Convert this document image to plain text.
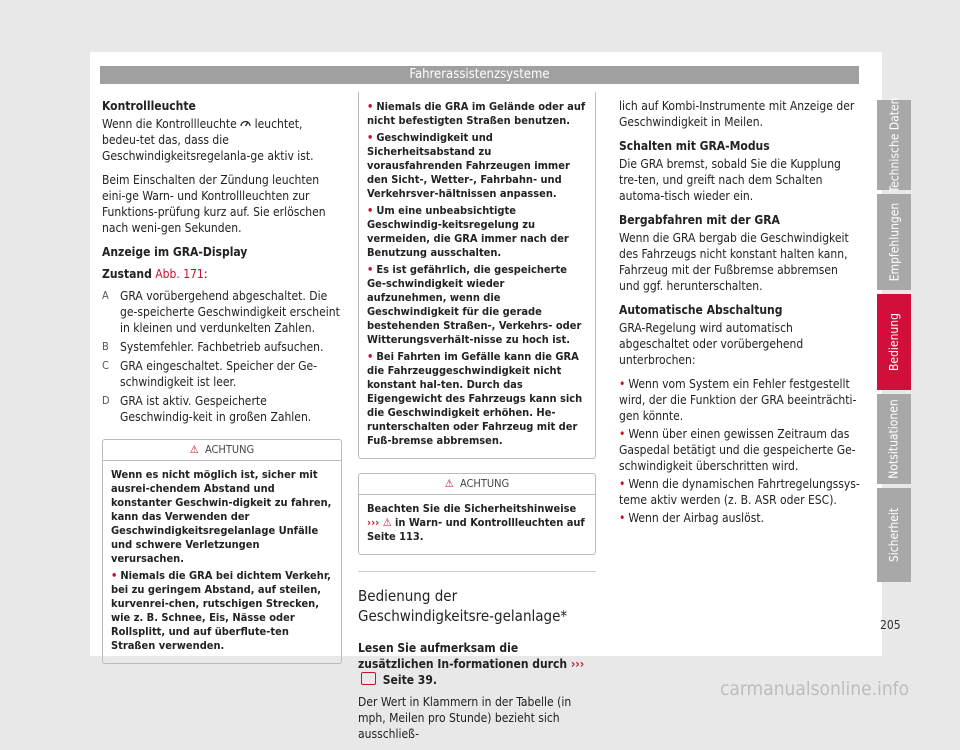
Fahrerassistenzsysteme

Kontrollleuchte

Wenn die Kontrollleuchte leuchtet, bedeu-tet das, dass die Geschwindigkeitsregelanla-ge aktiv ist.

Beim Einschalten der Zündung leuchten eini-ge Warn- und Kontrollleuchten zur Funktions-prüfung kurz auf. Sie erlöschen nach weni-gen Sekunden.

Anzeige im GRA-Display

Zustand Abb. 171:

A GRA vorübergehend abgeschaltet. Die ge-speicherte Geschwindigkeit erscheint in kleinen und verdunkelten Zahlen.
B Systemfehler. Fachbetrieb aufsuchen.
C GRA eingeschaltet. Speicher der Ge-schwindigkeit ist leer.
D GRA ist aktiv. Gespeicherte Geschwindig-keit in großen Zahlen.
⚠ ACHTUNG

Wenn es nicht möglich ist, sicher mit ausrei-chendem Abstand und konstanter Geschwin-digkeit zu fahren, kann das Verwenden der Geschwindigkeitsregelanlage Unfälle und schwere Verletzungen verursachen.

• Niemals die GRA bei dichtem Verkehr, bei zu geringem Abstand, auf steilen, kurvenrei-chen, rutschigen Strecken, wie z. B. Schnee, Eis, Nässe oder Rollsplitt, und auf überflute-ten Straßen verwenden.

• Niemals die GRA im Gelände oder auf nicht befestigten Straßen benutzen.

• Geschwindigkeit und Sicherheitsabstand zu vorausfahrenden Fahrzeugen immer den Sicht-, Wetter-, Fahrbahn- und Verkehrsver-hältnissen anpassen.

• Um eine unbeabsichtigte Geschwindig-keitsregelung zu vermeiden, die GRA immer nach der Benutzung ausschalten.

• Es ist gefährlich, die gespeicherte Ge-schwindigkeit wieder aufzunehmen, wenn die Geschwindigkeit für die gerade bestehenden Straßen-, Verkehrs- oder Witterungsverhält-nisse zu hoch ist.

• Bei Fahrten im Gefälle kann die GRA die Fahrzeuggeschwindigkeit nicht konstant hal-ten. Durch das Eigengewicht des Fahrzeugs kann sich die Geschwindigkeit erhöhen. He-runterschalten oder Fahrzeug mit der Fuß-bremse abbremsen.

⚠ ACHTUNG

Beachten Sie die Sicherheitshinweise ››› ⚠ in Warn- und Kontrollleuchten auf Seite 113.

Bedienung der Geschwindigkeitsre-gelanlage*

Lesen Sie aufmerksam die zusätzlichen In-formationen durch ›››  Seite 39.

Der Wert in Klammern in der Tabelle (in mph, Meilen pro Stunde) bezieht sich ausschließ-

lich auf Kombi-Instrumente mit Anzeige der Geschwindigkeit in Meilen.

Schalten mit GRA-Modus

Die GRA bremst, sobald Sie die Kupplung tre-ten, und greift nach dem Schalten automa-tisch wieder ein.

Bergabfahren mit der GRA

Wenn die GRA bergab die Geschwindigkeit des Fahrzeugs nicht konstant halten kann, Fahrzeug mit der Fußbremse abbremsen und ggf. herunterschalten.

Automatische Abschaltung

GRA-Regelung wird automatisch abgeschaltet oder vorübergehend unterbrochen:

• Wenn vom System ein Fehler festgestellt wird, der die Funktion der GRA beeinträchti-gen könnte.

• Wenn über einen gewissen Zeitraum das Gaspedal betätigt und die gespeicherte Ge-schwindigkeit überschritten wird.

• Wenn die dynamischen Fahrtregelungssys-teme aktiv werden (z. B. ASR oder ESC).

• Wenn der Airbag auslöst.

Technische Daten
Empfehlungen
Bedienung
Notsituationen
Sicherheit
205
carmanualsonline.info
